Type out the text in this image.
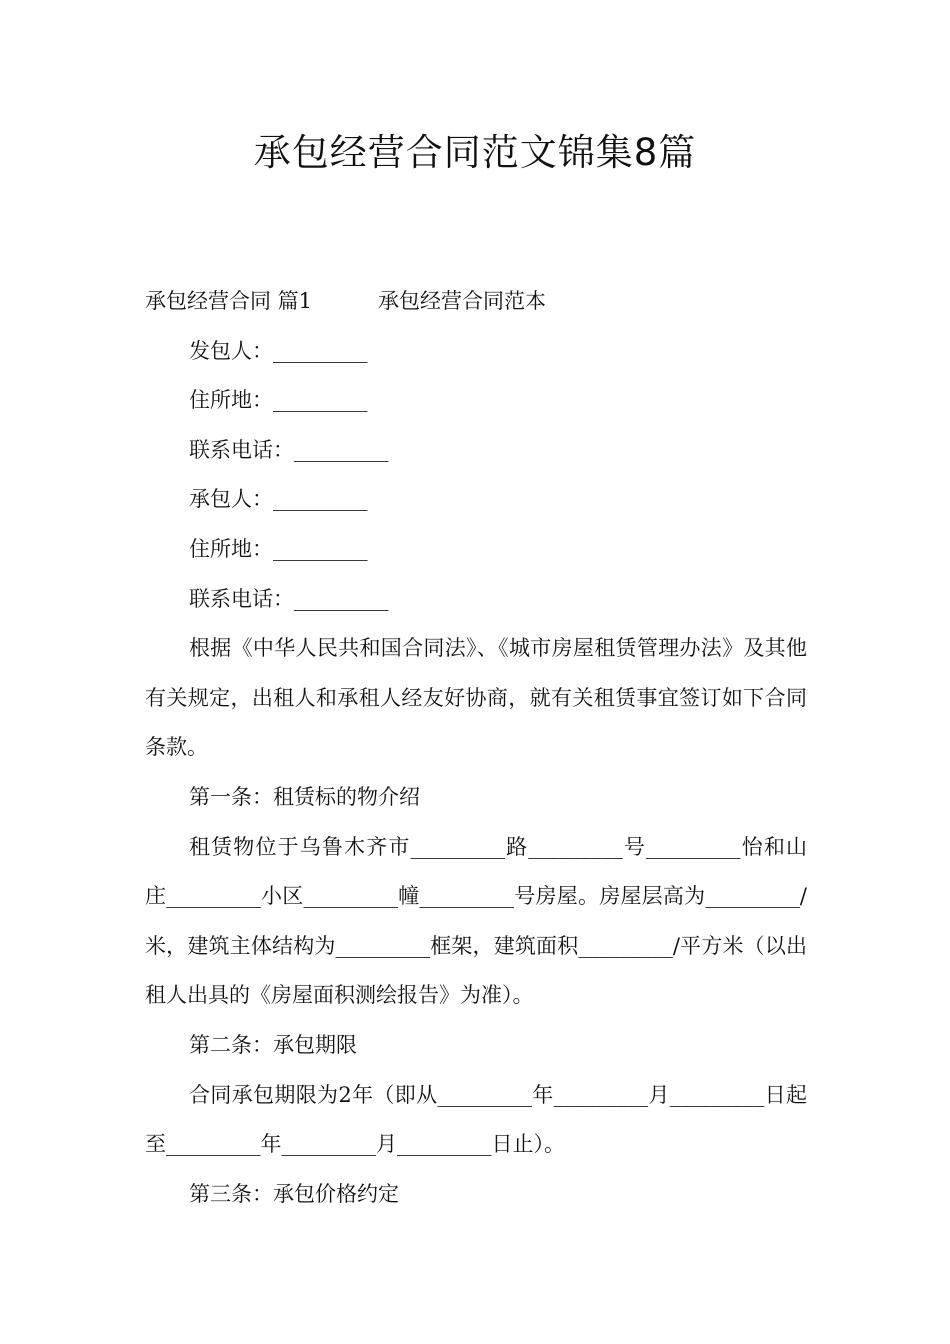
承包经营合同范文锦集8篇

承包经营合同 篇1	承包经营合同范本

发包人：_________

住所地：_________

联系电话：_________

承包人：_________

住所地：_________

联系电话：_________

根据《中华人民共和国合同法》、《城市房屋租赁管理办法》及其他有关规定，出租人和承租人经友好协商，就有关租赁事宜签订如下合同条款。

第一条：租赁标的物介绍

租赁物位于乌鲁木齐市_________路_________号_________怡和山庄_________小区_________幢_________号房屋。房屋层高为_________/米，建筑主体结构为_________框架，建筑面积_________/平方米（以出租人出具的《房屋面积测绘报告》为准）。

第二条：承包期限

合同承包期限为2年（即从_________年_________月_________日起至_________年_________月_________日止）。

第三条：承包价格约定
